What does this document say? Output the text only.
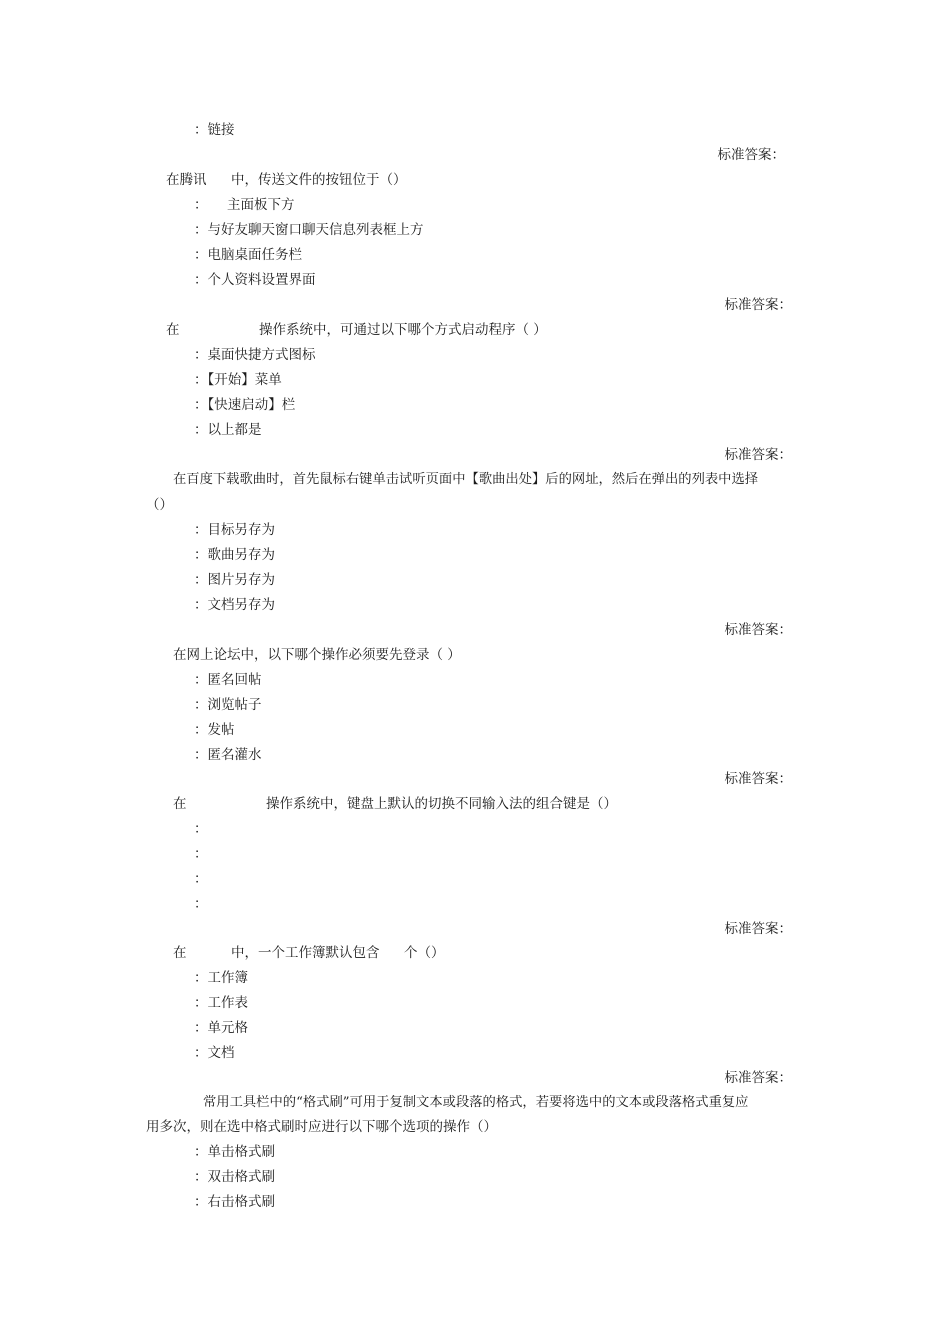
：链接
标准答案：
在腾讯 中，传送文件的按钮位于（）
： 主面板下方
：与好友聊天窗口聊天信息列表框上方
：电脑桌面任务栏
：个人资料设置界面
标准答案：
在	操作系统中，可通过以下哪个方式启动程序（ ）
：桌面快捷方式图标
：【开始】菜单
：【快速启动】栏
：以上都是
标准答案：
在百度下载歌曲时，首先鼠标右键单击试听页面中【歌曲出处】后的网址，然后在弹出的列表中选择
（）
：目标另存为
：歌曲另存为
：图片另存为
：文档另存为
标准答案：
在网上论坛中，以下哪个操作必须要先登录（ ）
：匿名回帖
：浏览帖子
：发帖
：匿名灌水
标准答案：
在	操作系统中，键盘上默认的切换不同输入法的组合键是（）
：
：
：
：
标准答案：
在	中，一个工作簿默认包含 个（）
：工作簿
：工作表
：单元格
：文档
标准答案：
常用工具栏中的“格式刷”可用于复制文本或段落的格式，若要将选中的文本或段落格式重复应
用多次，则在选中格式刷时应进行以下哪个选项的操作（）
：单击格式刷
：双击格式刷
：右击格式刷
